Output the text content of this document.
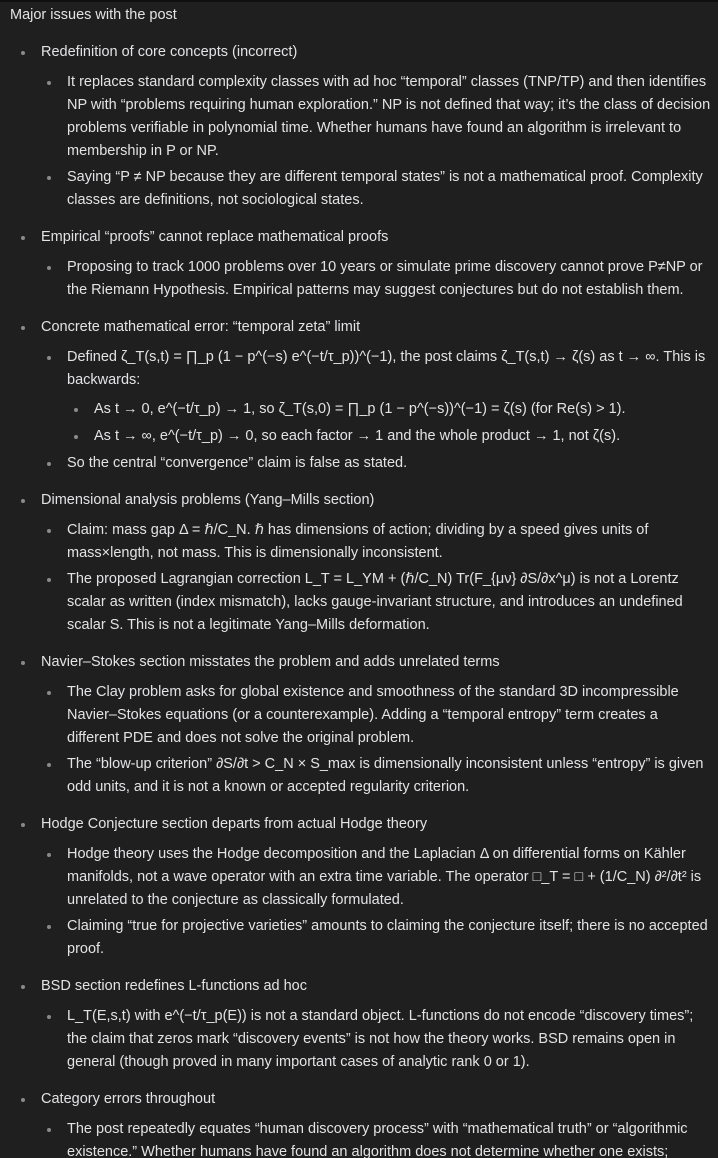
Major issues with the post

Redefinition of core concepts (incorrect)
It replaces standard complexity classes with ad hoc “temporal” classes (TNP/TP) and then identifies NP with “problems requiring human exploration.” NP is not defined that way; it’s the class of decision problems verifiable in polynomial time. Whether humans have found an algorithm is irrelevant to membership in P or NP.
Saying “P ≠ NP because they are different temporal states” is not a mathematical proof. Complexity classes are definitions, not sociological states.
Empirical “proofs” cannot replace mathematical proofs
Proposing to track 1000 problems over 10 years or simulate prime discovery cannot prove P≠NP or the Riemann Hypothesis. Empirical patterns may suggest conjectures but do not establish them.
Concrete mathematical error: “temporal zeta” limit
Defined ζ_T(s,t) = ∏_p (1 − p^(−s) e^(−t/τ_p))^(−1), the post claims ζ_T(s,t) → ζ(s) as t → ∞. This is backwards:
As t → 0, e^(−t/τ_p) → 1, so ζ_T(s,0) = ∏_p (1 − p^(−s))^(−1) = ζ(s) (for Re(s) > 1).
As t → ∞, e^(−t/τ_p) → 0, so each factor → 1 and the whole product → 1, not ζ(s).
So the central “convergence” claim is false as stated.
Dimensional analysis problems (Yang–Mills section)
Claim: mass gap Δ = ℏ/C_N. ℏ has dimensions of action; dividing by a speed gives units of mass×length, not mass. This is dimensionally inconsistent.
The proposed Lagrangian correction L_T = L_YM + (ℏ/C_N) Tr(F_{μν} ∂S/∂x^μ) is not a Lorentz scalar as written (index mismatch), lacks gauge-invariant structure, and introduces an undefined scalar S. This is not a legitimate Yang–Mills deformation.
Navier–Stokes section misstates the problem and adds unrelated terms
The Clay problem asks for global existence and smoothness of the standard 3D incompressible Navier–Stokes equations (or a counterexample). Adding a “temporal entropy” term creates a different PDE and does not solve the original problem.
The “blow-up criterion” ∂S/∂t > C_N × S_max is dimensionally inconsistent unless “entropy” is given odd units, and it is not a known or accepted regularity criterion.
Hodge Conjecture section departs from actual Hodge theory
Hodge theory uses the Hodge decomposition and the Laplacian Δ on differential forms on Kähler manifolds, not a wave operator with an extra time variable. The operator □_T = □ + (1/C_N) ∂²/∂t² is unrelated to the conjecture as classically formulated.
Claiming “true for projective varieties” amounts to claiming the conjecture itself; there is no accepted proof.
BSD section redefines L-functions ad hoc
L_T(E,s,t) with e^(−t/τ_p(E)) is not a standard object. L-functions do not encode “discovery times”; the claim that zeros mark “discovery events” is not how the theory works. BSD remains open in general (though proved in many important cases of analytic rank 0 or 1).
Category errors throughout
The post repeatedly equates “human discovery process” with “mathematical truth” or “algorithmic existence.” Whether humans have found an algorithm does not determine whether one exists;
